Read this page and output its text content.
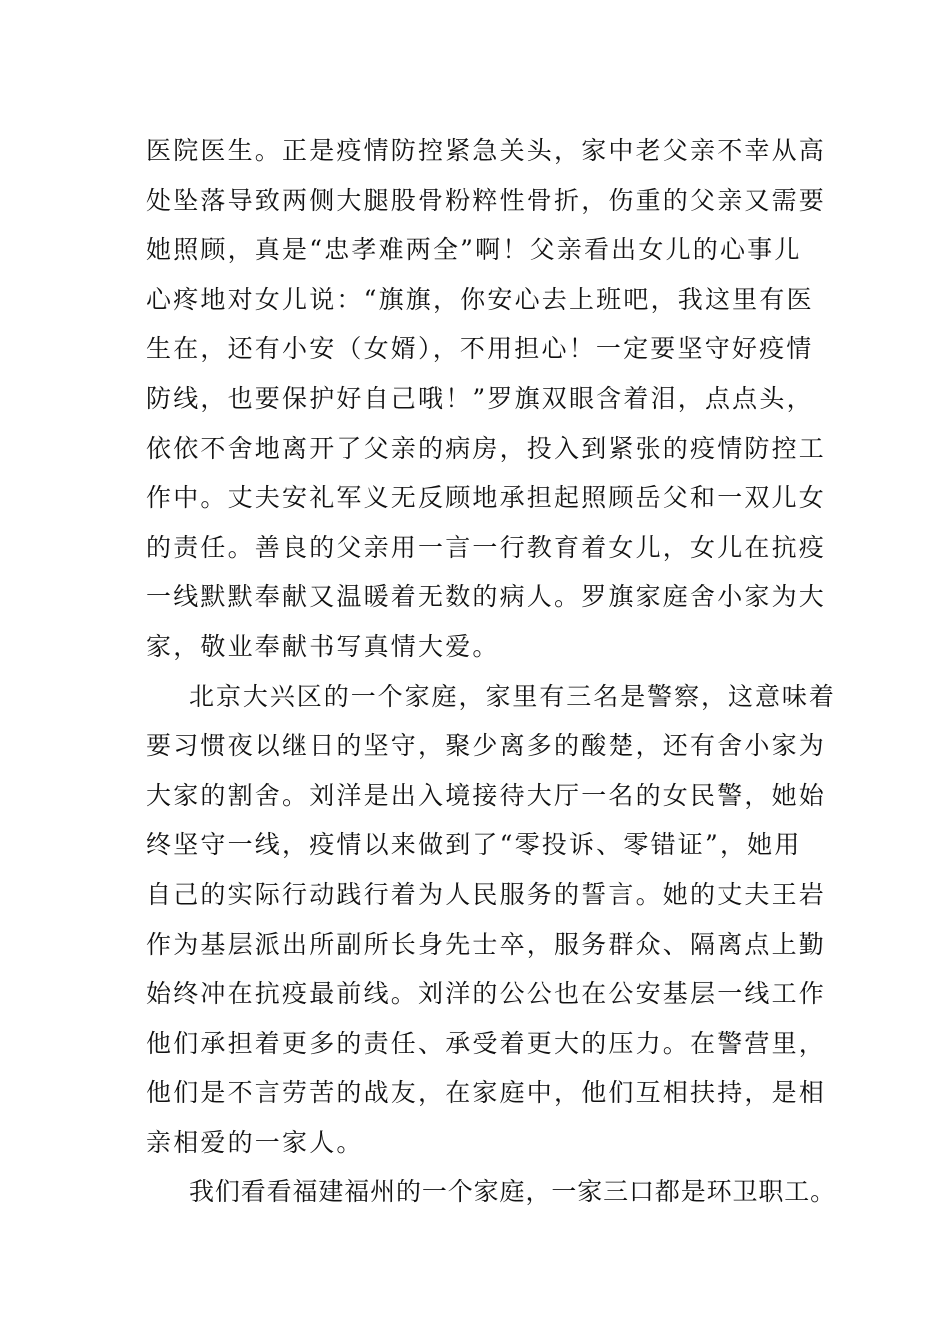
医院医生。正是疫情防控紧急关头，家中老父亲不幸从高
处坠落导致两侧大腿股骨粉粹性骨折，伤重的父亲又需要
她照顾，真是“忠孝难两全”啊！父亲看出女儿的心事儿
心疼地对女儿说：“旗旗，你安心去上班吧，我这里有医
生在，还有小安（女婿），不用担心！一定要坚守好疫情
防线，也要保护好自己哦！”罗旗双眼含着泪，点点头，
依依不舍地离开了父亲的病房，投入到紧张的疫情防控工
作中。丈夫安礼军义无反顾地承担起照顾岳父和一双儿女
的责任。善良的父亲用一言一行教育着女儿，女儿在抗疫
一线默默奉献又温暖着无数的病人。罗旗家庭舍小家为大
家，敬业奉献书写真情大爱。
北京大兴区的一个家庭，家里有三名是警察，这意味着
要习惯夜以继日的坚守，聚少离多的酸楚，还有舍小家为
大家的割舍。刘洋是出入境接待大厅一名的女民警，她始
终坚守一线，疫情以来做到了“零投诉、零错证”，她用
自己的实际行动践行着为人民服务的誓言。她的丈夫王岩
作为基层派出所副所长身先士卒，服务群众、隔离点上勤
始终冲在抗疫最前线。刘洋的公公也在公安基层一线工作
他们承担着更多的责任、承受着更大的压力。在警营里，
他们是不言劳苦的战友，在家庭中，他们互相扶持，是相
亲相爱的一家人。
我们看看福建福州的一个家庭，一家三口都是环卫职工。
